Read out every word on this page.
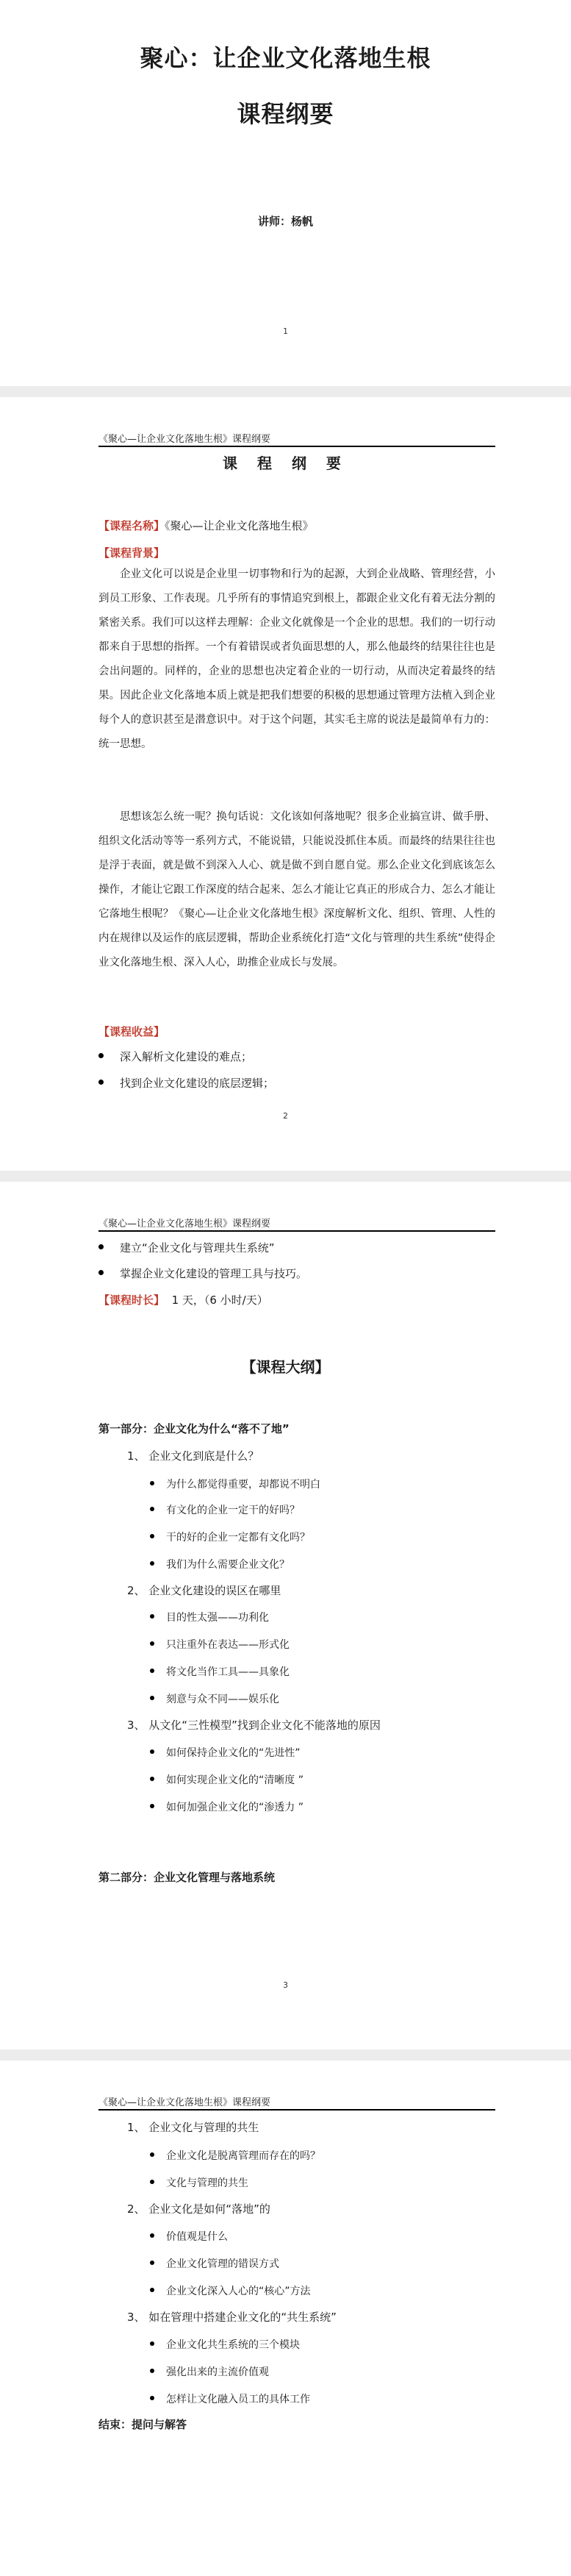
聚心：让企业文化落地生根
课程纲要
讲师：杨帆
1
《聚心—让企业文化落地生根》课程纲要
课 程 纲 要
【课程名称】《聚心—让企业文化落地生根》
【课程背景】
企业文化可以说是企业里一切事物和行为的起源，大到企业战略、管理经营，小到员工形象、工作表现。几乎所有的事情追究到根上，都跟企业文化有着无法分割的紧密关系。我们可以这样去理解：企业文化就像是一个企业的思想。我们的一切行动都来自于思想的指挥。一个有着错误或者负面思想的人，那么他最终的结果往往也是会出问题的。同样的，企业的思想也决定着企业的一切行动，从而决定着最终的结果。因此企业文化落地本质上就是把我们想要的积极的思想通过管理方法植入到企业每个人的意识甚至是潜意识中。对于这个问题，其实毛主席的说法是最简单有力的：统一思想。
思想该怎么统一呢？换句话说：文化该如何落地呢？很多企业搞宣讲、做手册、组织文化活动等等一系列方式，不能说错，只能说没抓住本质。而最终的结果往往也是浮于表面，就是做不到深入人心、就是做不到自愿自觉。那么企业文化到底该怎么操作，才能让它跟工作深度的结合起来、怎么才能让它真正的形成合力、怎么才能让它落地生根呢？《聚心—让企业文化落地生根》深度解析文化、组织、管理、人性的内在规律以及运作的底层逻辑，帮助企业系统化打造“文化与管理的共生系统”使得企业文化落地生根、深入人心，助推企业成长与发展。
【课程收益】
深入解析文化建设的难点；
找到企业文化建设的底层逻辑；
2
《聚心—让企业文化落地生根》课程纲要
建立“企业文化与管理共生系统”
掌握企业文化建设的管理工具与技巧。
【课程时长】 1 天，（6 小时/天）
【课程大纲】
第一部分：企业文化为什么“落不了地”
1、 企业文化到底是什么？
为什么都觉得重要，却都说不明白
有文化的企业一定干的好吗？
干的好的企业一定都有文化吗？
我们为什么需要企业文化？
2、 企业文化建设的误区在哪里
目的性太强——功利化
只注重外在表达——形式化
将文化当作工具——具象化
刻意与众不同——娱乐化
3、 从文化“三性模型”找到企业文化不能落地的原因
如何保持企业文化的“先进性”
如何实现企业文化的“清晰度 ”
如何加强企业文化的“渗透力 ”
第二部分：企业文化管理与落地系统
3
《聚心—让企业文化落地生根》课程纲要
1、 企业文化与管理的共生
企业文化是脱离管理而存在的吗？
文化与管理的共生
2、 企业文化是如何“落地”的
价值观是什么
企业文化管理的错误方式
企业文化深入人心的“核心”方法
3、 如在管理中搭建企业文化的“共生系统”
企业文化共生系统的三个模块
强化出来的主流价值观
怎样让文化融入员工的具体工作
结束：提问与解答
